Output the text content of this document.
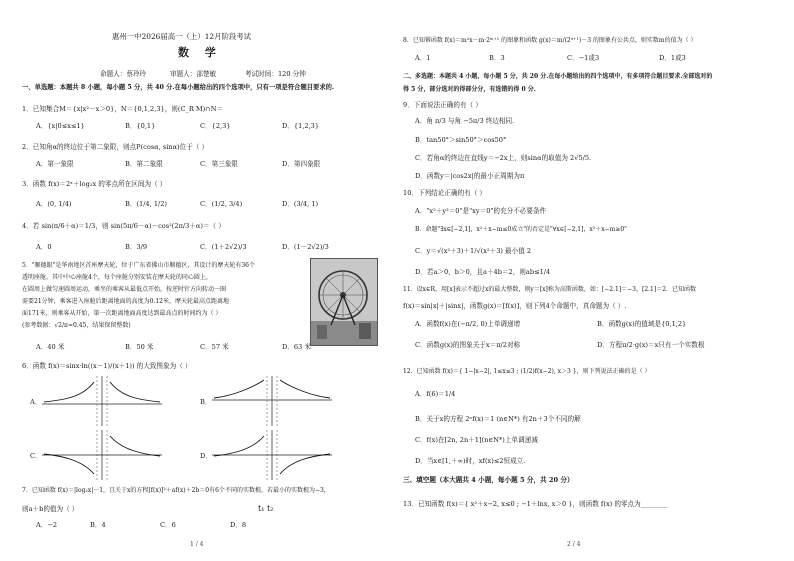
惠州一中2026届高一（上）12月阶段考试
数 学
命题人：蔡玲玲	审题人：邵楚敏	考试时间：120 分钟
一、单选题：本题共 8 小题，每小题 5 分，共 40 分.在每小题给出的四个选项中，只有一项是符合题目要求的.
1．已知集合M＝{x|x²－x＞0}，N＝{0,1,2,3}，则(C_R M)∩N＝
A．{x|0≤x≤1}	B．{0,1}	C．{2,3}	D．{1,2,3}
2．已知角α的终边位于第二象限，则点P(cosα, sinα)位于（ ）
A．第一象限	B．第二象限	C．第三象限	D．第四象限
3．函数 f(x)＝2ˣ＋log₂x 的零点所在区间为（ ）
A．(0, 1/4)	B．(1/4, 1/2)	C．(1/2, 3/4)	D．(3/4, 1)
4．若 sin(π/6＋α)＝1/3，则 sin(5π/6－α)－cos²(2π/3＋α)＝（ ）
A．0	B．3/9	C．(1＋2√2)/3	D．(1－2√2)/3
5．"顺德眼"是华南地区首座摩天轮，位于广东省佛山市顺德区，其设计的摩天轮有36个
透明座舱，其中中心座舱4个，每个座舱分别安装在摩天轮的同心圆上，
在圆周上做匀速圆周运动，乘坐的乘客从最低点开始，按逆时针方向转动一圈
需要21分钟，乘客进入座舱后距离地面的高度为0.12米，摩天轮最高点距离地
面171米，则乘客从开始，第一次距离地面高度达到最高点的时间约为（ ）
(参考数据：√2/π≈0.45，结果保留整数)
A．40 米	B．50 米	C．57 米	D．63 米
6．函数 f(x)＝sinx·ln((x－1)/(x＋1)) 的大致图象为（ ）
A．	B．
C．	D．
7．已知函数 f(x)＝|log₂x|－1，且关于x的方程[f(x)]²＋af(x)＋2b＝0有6个不同的实数根，若最小的实数根为−3，
则a＋b的值为（ ）	t₁ t₂
A．−2	B．4	C．6	D．8
1 / 4
8．已知幂函数 f(x)＝m²x－m·2ᵐ⁺¹ 的图象和函数 g(x)＝m/(2ˣ⁺¹)－3 的图象有公共点，则实数m的值为（ ）
A．1	B．3	C．−1或3	D．1或3
二、多选题：本题共 4 小题，每小题 5 分，共 20 分.在每小题给出的四个选项中，有多项符合题目要求.全部选对的
得 5 分，部分选对的得部分分，有选错的得 0 分.
9．下面说法正确的有（ ）
A．角 π/3 与角 −5π/3 终边相同.
B．tan50°＞sin50°＞cos50°
C．若角α的终边在直线y＝−2x上，则sinα的取值为 2√5/5.
D．函数y＝|cos2x|的最小正周期为π
10．下列结论正确的有（ ）
A．"x²＋y²＝0"是"xy＝0"的充分不必要条件
B．命题"∃x∈[−2,1]，x²＋x−m≤0成立"的否定是"∀x∈[−2,1]，x²＋x−m≥0"
C．y＝√(x²＋3)＋1/√(x²＋3) 最小值 2
D．若a＞0，b＞0，且a＋4b＝2，则ab≤1/4
11．设x∈R，用[x]表示不超过x的最大整数，则y＝[x]称为高斯函数，如：[−2.1]＝−3，[2.1]＝2．已知函数
f(x)＝sin|x|＋|sinx|，函数g(x)＝[f(x)]，则下列4个命题中，真命题为（ ）.
A．函数f(x)在(−π/2, 0)上单调递增	B．函数g(x)的值域是{0,1,2}
C．函数g(x)的图象关于x＝π/2对称	D．方程π/2·g(x)＝x只有一个实数根
12．已知函数 f(x)＝{ 1−|x−2|, 1≤x≤3 ; (1/2)f(x−2), x＞3 }，则下列说法正确的是（ ）
A．f(6)＝1/4
B．关于x的方程 2ⁿf(x)＝1 (n∈N*) 有2n＋3个不同的解
C．f(x)在[2n, 2n＋1](n∈N*)上单调递减
D．当x∈[1,＋∞)时，xf(x)≤2恒成立.
三、填空题（本大题共 4 小题，每小题 5 分，共 20 分）
13．已知函数 f(x)＝{ x²＋x−2, x≤0 ; −1＋lnx, x＞0 }，则函数 f(x) 的零点为________
2 / 4
